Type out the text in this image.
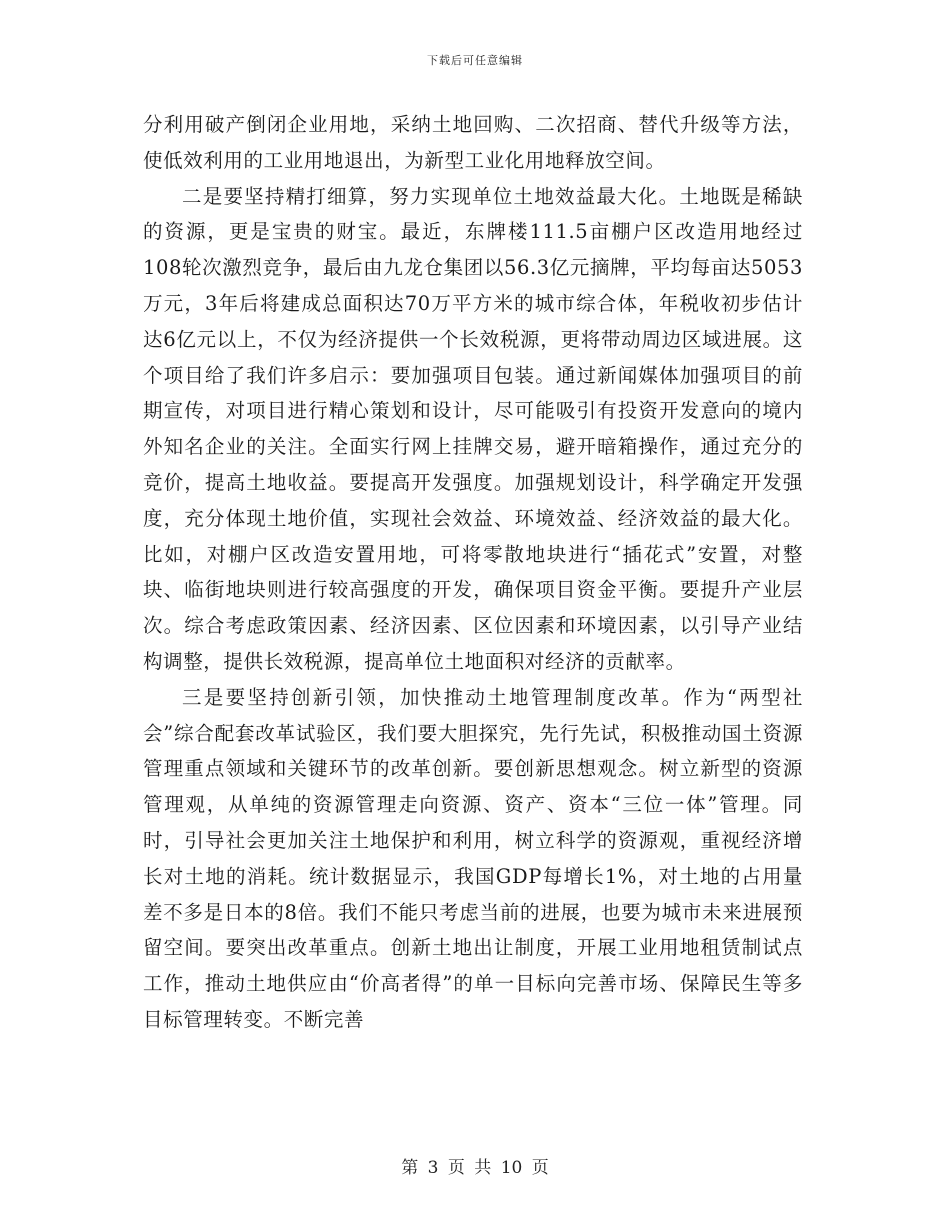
下载后可任意编辑

分利用破产倒闭企业用地，采纳土地回购、二次招商、替代升级等方法，使低效利用的工业用地退出，为新型工业化用地释放空间。

二是要坚持精打细算，努力实现单位土地效益最大化。土地既是稀缺的资源，更是宝贵的财宝。最近，东牌楼111.5亩棚户区改造用地经过108轮次激烈竞争，最后由九龙仓集团以56.3亿元摘牌，平均每亩达5053万元，3年后将建成总面积达70万平方米的城市综合体，年税收初步估计达6亿元以上，不仅为经济提供一个长效税源，更将带动周边区域进展。这个项目给了我们许多启示：要加强项目包装。通过新闻媒体加强项目的前期宣传，对项目进行精心策划和设计，尽可能吸引有投资开发意向的境内外知名企业的关注。全面实行网上挂牌交易，避开暗箱操作，通过充分的竞价，提高土地收益。要提高开发强度。加强规划设计，科学确定开发强度，充分体现土地价值，实现社会效益、环境效益、经济效益的最大化。比如，对棚户区改造安置用地，可将零散地块进行“插花式”安置，对整块、临街地块则进行较高强度的开发，确保项目资金平衡。要提升产业层次。综合考虑政策因素、经济因素、区位因素和环境因素，以引导产业结构调整，提供长效税源，提高单位土地面积对经济的贡献率。

三是要坚持创新引领，加快推动土地管理制度改革。作为“两型社会”综合配套改革试验区，我们要大胆探究，先行先试，积极推动国土资源管理重点领域和关键环节的改革创新。要创新思想观念。树立新型的资源管理观，从单纯的资源管理走向资源、资产、资本“三位一体”管理。同时，引导社会更加关注土地保护和利用，树立科学的资源观，重视经济增长对土地的消耗。统计数据显示，我国GDP每增长1%，对土地的占用量差不多是日本的8倍。我们不能只考虑当前的进展，也要为城市未来进展预留空间。要突出改革重点。创新土地出让制度，开展工业用地租赁制试点工作，推动土地供应由“价高者得”的单一目标向完善市场、保障民生等多目标管理转变。不断完善

第 3 页 共 10 页
